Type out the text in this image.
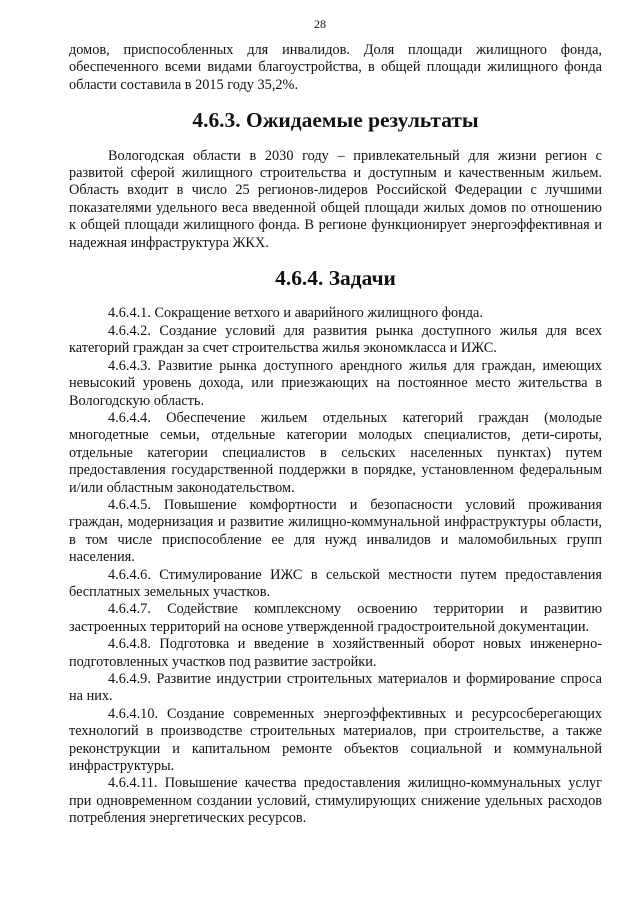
28

домов, приспособленных для инвалидов. Доля площади жилищного фонда, обеспеченного всеми видами благоустройства, в общей площади жилищного фонда области составила в 2015 году 35,2%.

4.6.3. Ожидаемые результаты

Вологодская области в 2030 году – привлекательный для жизни регион с развитой сферой жилищного строительства и доступным и качественным жильем. Область входит в число 25 регионов-лидеров Российской Федерации с лучшими показателями удельного веса введенной общей площади жилых домов по отношению к общей площади жилищного фонда. В регионе функционирует энергоэффективная и надежная инфраструктура ЖКХ.

4.6.4. Задачи

4.6.4.1. Сокращение ветхого и аварийного жилищного фонда.

4.6.4.2. Создание условий для развития рынка доступного жилья для всех категорий граждан за счет строительства жилья экономкласса и ИЖС.

4.6.4.3. Развитие рынка доступного арендного жилья для граждан, имеющих невысокий уровень дохода, или приезжающих на постоянное место жительства в Вологодскую область.

4.6.4.4. Обеспечение жильем отдельных категорий граждан (молодые многодетные семьи, отдельные категории молодых специалистов, дети-сироты, отдельные категории специалистов в сельских населенных пунктах) путем предоставления государственной поддержки в порядке, установленном федеральным и/или областным законодательством.

4.6.4.5. Повышение комфортности и безопасности условий проживания граждан, модернизация и развитие жилищно-коммунальной инфраструктуры области, в том числе приспособление ее для нужд инвалидов и маломобильных групп населения.

4.6.4.6. Стимулирование ИЖС в сельской местности путем предоставления бесплатных земельных участков.

4.6.4.7. Содействие комплексному освоению территории и развитию застроенных территорий на основе утвержденной градостроительной документации.

4.6.4.8. Подготовка и введение в хозяйственный оборот новых инженерно-подготовленных участков под развитие застройки.

4.6.4.9. Развитие индустрии строительных материалов и формирование спроса на них.

4.6.4.10. Создание современных энергоэффективных и ресурсосберегающих технологий в производстве строительных материалов, при строительстве, а также реконструкции и капитальном ремонте объектов социальной и коммунальной инфраструктуры.

4.6.4.11. Повышение качества предоставления жилищно-коммунальных услуг при одновременном создании условий, стимулирующих снижение удельных расходов потребления энергетических ресурсов.
